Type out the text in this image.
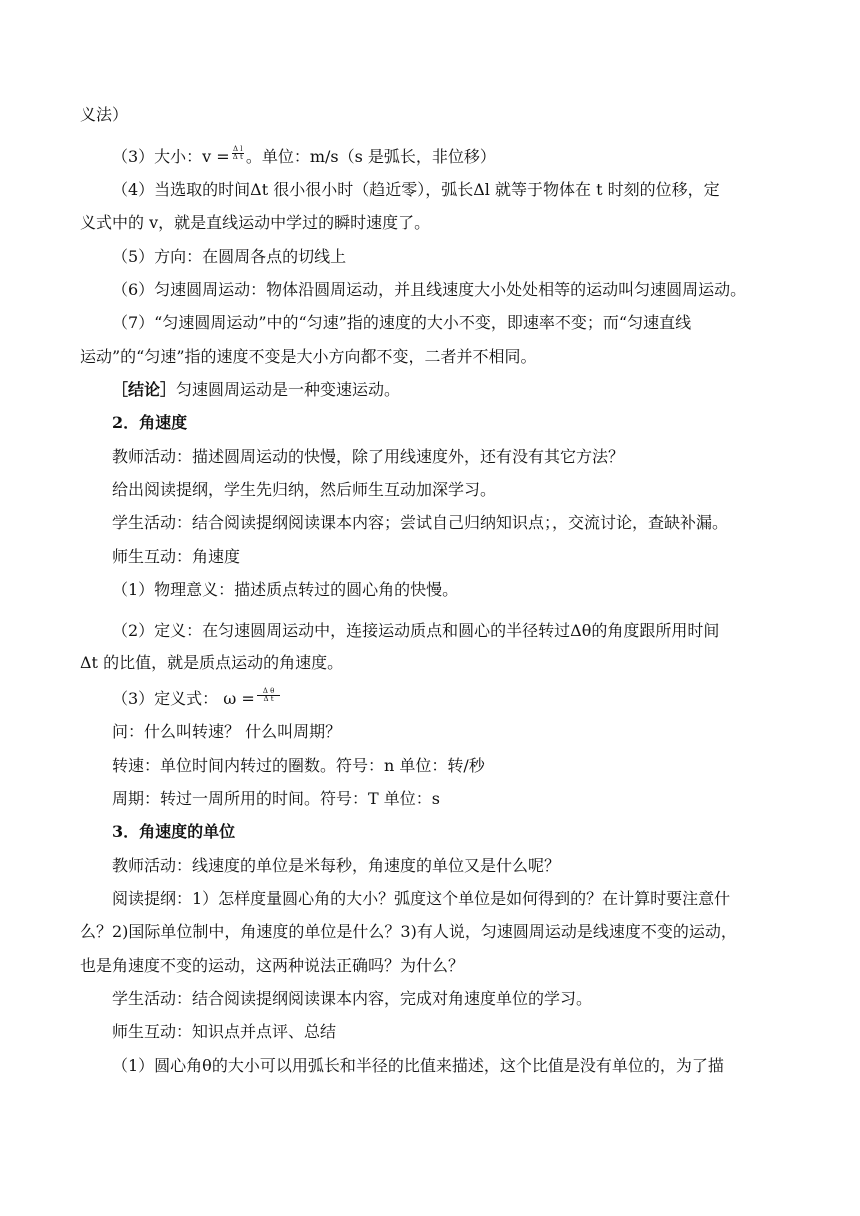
义法）
（3）大小：$v = \frac{\text{Δ l}}{\text{Δ t}}$ 。单位：m/s（s 是弧长，非位移）
（4）当选取的时间Δt 很小很小时（趋近零），弧长Δl 就等于物体在 t 时刻的位移，定
义式中的 v，就是直线运动中学过的瞬时速度了。
（5）方向：在圆周各点的切线上
（6）匀速圆周运动：物体沿圆周运动，并且线速度大小处处相等的运动叫匀速圆周运动。
（7）“匀速圆周运动”中的“匀速”指的速度的大小不变，即速率不变；而“匀速直线
运动”的“匀速”指的速度不变是大小方向都不变，二者并不相同。
［结论］匀速圆周运动是一种变速运动。
2．角速度
教师活动：描述圆周运动的快慢，除了用线速度外，还有没有其它方法？
给出阅读提纲，学生先归纳，然后师生互动加深学习。
学生活动：结合阅读提纲阅读课本内容；尝试自己归纳知识点；，交流讨论，查缺补漏。
师生互动：角速度
（1）物理意义：描述质点转过的圆心角的快慢。
（2）定义：在匀速圆周运动中，连接运动质点和圆心的半径转过Δθ的角度跟所用时间
Δt 的比值，就是质点运动的角速度。
（3）定义式： $\omega = \frac{\text{Δ θ}}{\text{Δ t}}$
问：什么叫转速？ 什么叫周期？
转速：单位时间内转过的圈数。符号：n 单位：转/秒
周期：转过一周所用的时间。符号：T 单位：s
3．角速度的单位
教师活动：线速度的单位是米每秒，角速度的单位又是什么呢？
阅读提纲：1）怎样度量圆心角的大小？弧度这个单位是如何得到的？在计算时要注意什
么？2)国际单位制中，角速度的单位是什么？3)有人说，匀速圆周运动是线速度不变的运动，
也是角速度不变的运动，这两种说法正确吗？为什么？
学生活动：结合阅读提纲阅读课本内容，完成对角速度单位的学习。
师生互动：知识点并点评、总结
（1）圆心角θ的大小可以用弧长和半径的比值来描述，这个比值是没有单位的，为了描
